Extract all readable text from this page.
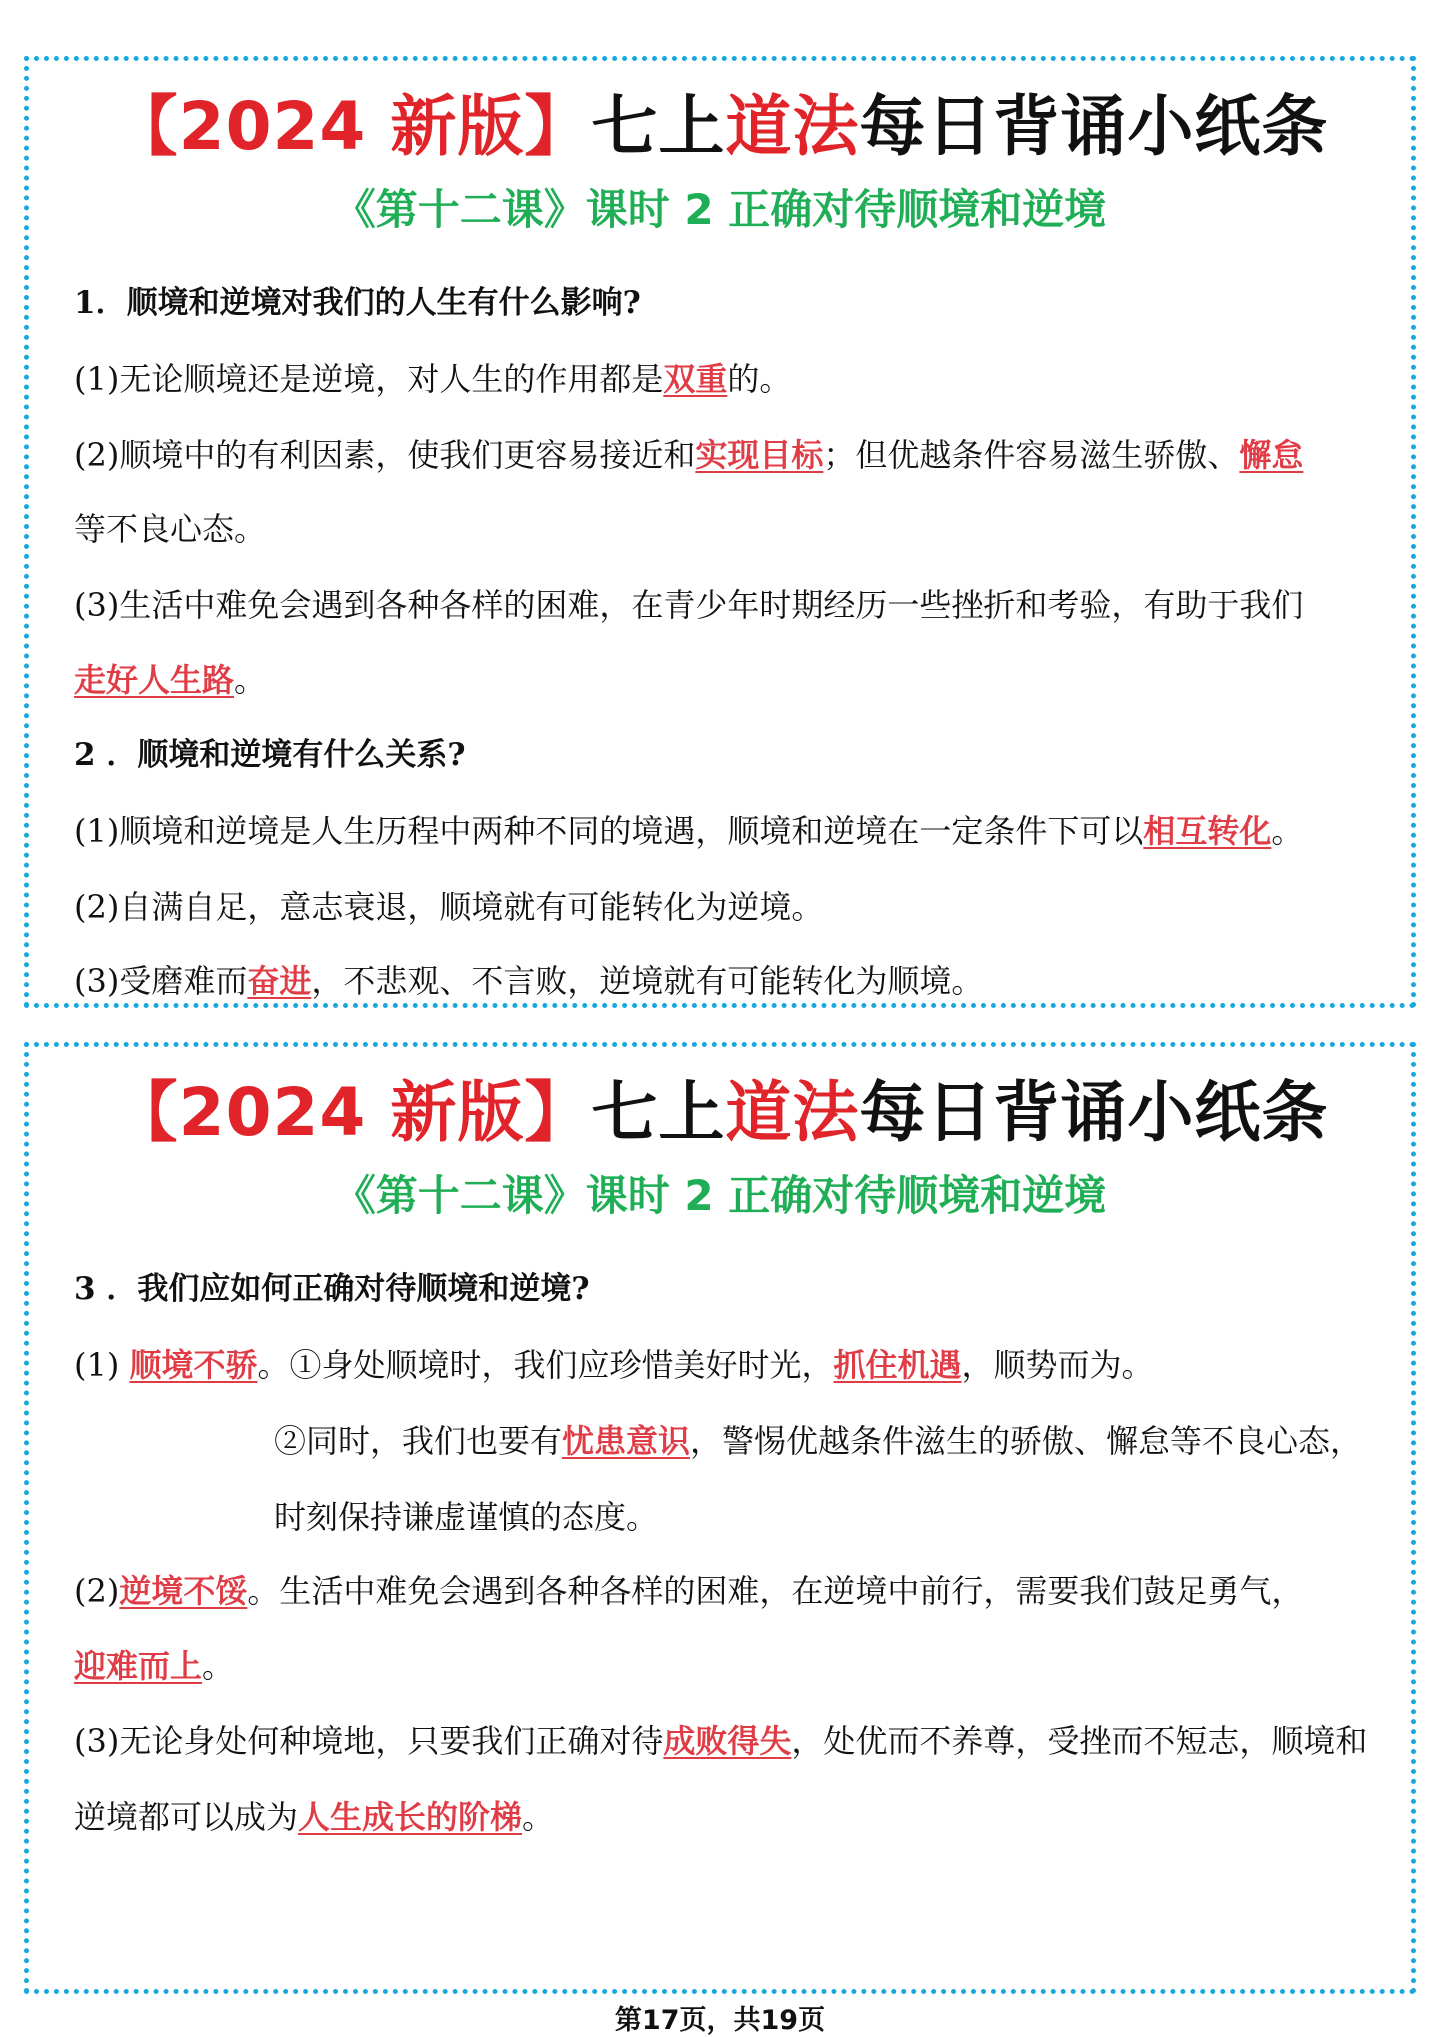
【2024 新版】七上道法每日背诵小纸条
《第十二课》课时 2 正确对待顺境和逆境
1．顺境和逆境对我们的人生有什么影响?
(1)无论顺境还是逆境，对人生的作用都是双重的。
(2)顺境中的有利因素，使我们更容易接近和实现目标；但优越条件容易滋生骄傲、懈怠
等不良心态。
(3)生活中难免会遇到各种各样的困难，在青少年时期经历一些挫折和考验，有助于我们
走好人生路。
2 ．顺境和逆境有什么关系?
(1)顺境和逆境是人生历程中两种不同的境遇，顺境和逆境在一定条件下可以相互转化。
(2)自满自足，意志衰退，顺境就有可能转化为逆境。
(3)受磨难而奋进，不悲观、不言败，逆境就有可能转化为顺境。
【2024 新版】七上道法每日背诵小纸条
《第十二课》课时 2 正确对待顺境和逆境
3 ．我们应如何正确对待顺境和逆境?
(1) 顺境不骄。①身处顺境时，我们应珍惜美好时光，抓住机遇，顺势而为。
②同时，我们也要有忧患意识，警惕优越条件滋生的骄傲、懈怠等不良心态，时刻保持谦虚谨慎的态度。
(2)逆境不馁。生活中难免会遇到各种各样的困难，在逆境中前行，需要我们鼓足勇气，
迎难而上。
(3)无论身处何种境地，只要我们正确对待成败得失，处优而不养尊，受挫而不短志，顺境和逆境都可以成为人生成长的阶梯。
第17页，共19页
